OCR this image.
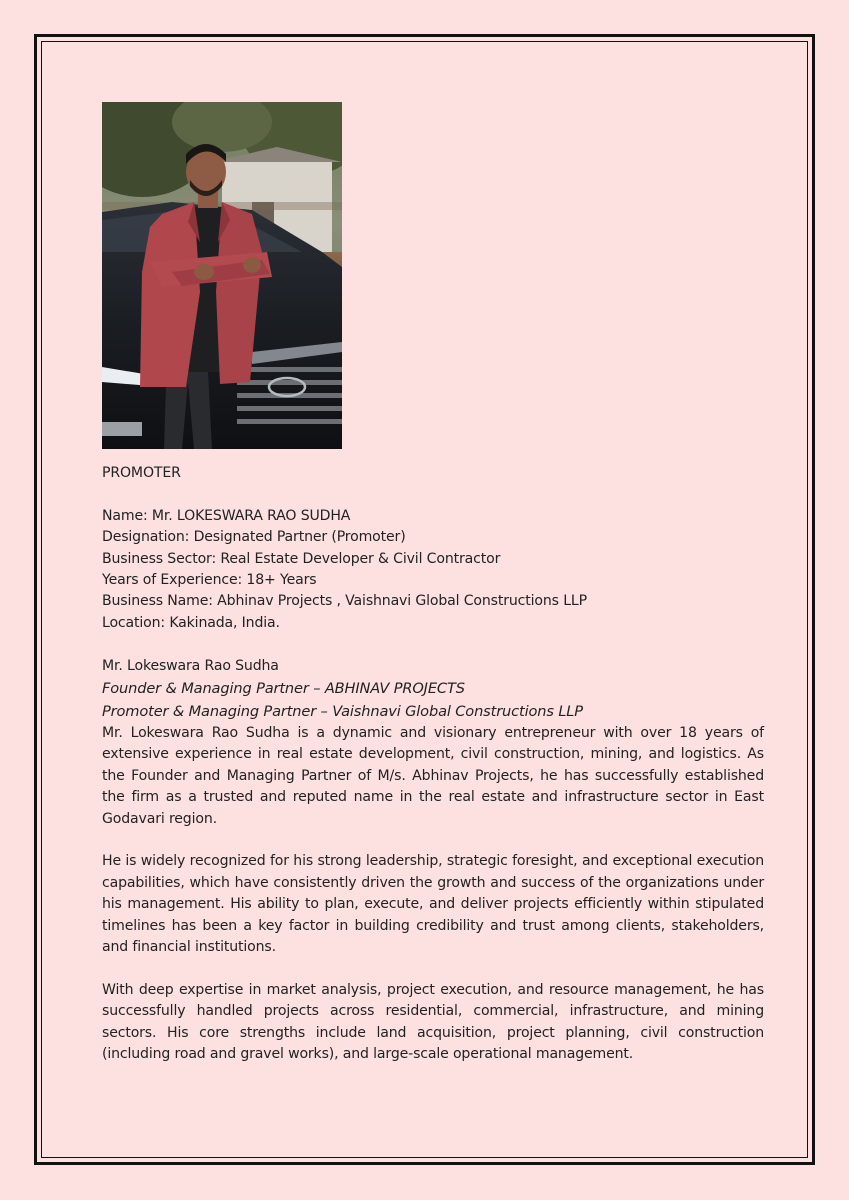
PROMOTER

Name: Mr. LOKESWARA RAO SUDHA

Designation: Designated Partner (Promoter)

Business Sector: Real Estate Developer & Civil Contractor

Years of Experience: 18+ Years

Business Name: Abhinav Projects , Vaishnavi Global Constructions LLP

Location: Kakinada, India.

Mr. Lokeswara Rao Sudha

Founder & Managing Partner – ABHINAV PROJECTS

Promoter & Managing Partner – Vaishnavi Global Constructions LLP

Mr. Lokeswara Rao Sudha is a dynamic and visionary entrepreneur with over 18 years of extensive experience in real estate development, civil construction, mining, and logistics. As the Founder and Managing Partner of M/s. Abhinav Projects, he has successfully established the firm as a trusted and reputed name in the real estate and infrastructure sector in East Godavari region.

He is widely recognized for his strong leadership, strategic foresight, and exceptional execution capabilities, which have consistently driven the growth and success of the organizations under his management. His ability to plan, execute, and deliver projects efficiently within stipulated timelines has been a key factor in building credibility and trust among clients, stakeholders, and financial institutions.

With deep expertise in market analysis, project execution, and resource management, he has successfully handled projects across residential, commercial, infrastructure, and mining sectors. His core strengths include land acquisition, project planning, civil construction (including road and gravel works), and large-scale operational management.
